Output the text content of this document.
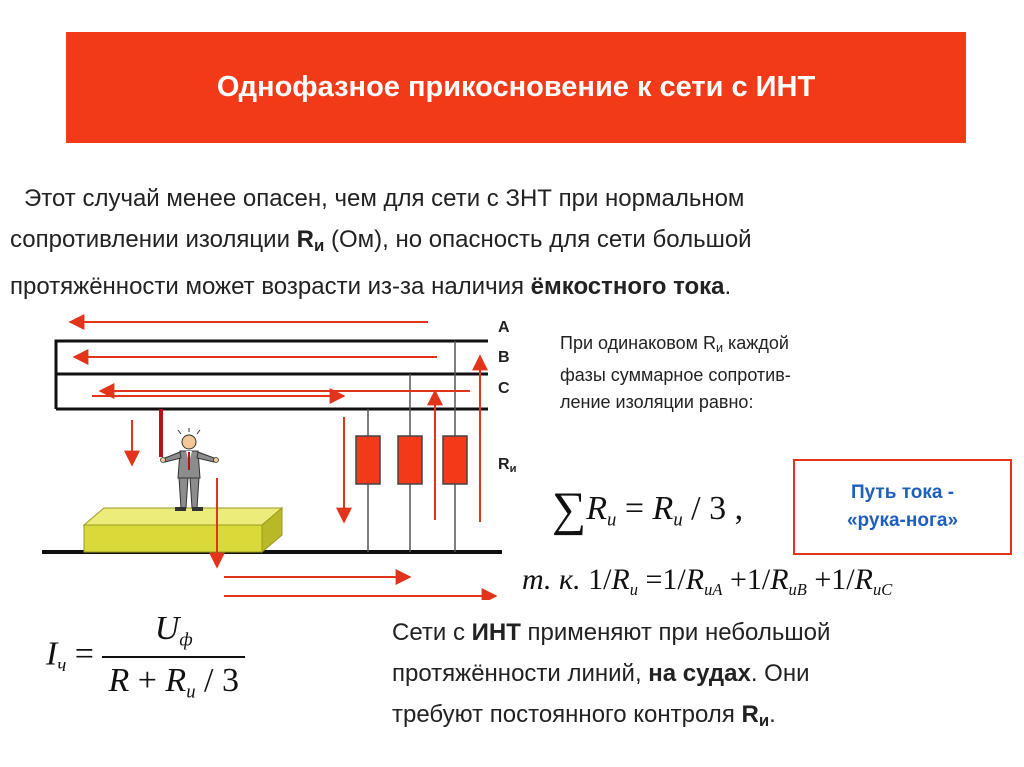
Однофазное прикосновение к сети с ИНТ

Этот случай менее опасен, чем для сети с ЗНТ при нормальном

сопротивлении изоляции $R_и$ (Ом), но опасность для сети большой

протяжённости может возрасти из-за наличия ёмкостного тока.

A
B
C
$R_и$

При одинаковом Rи каждой

фазы суммарное сопротив-

ление изоляции равно:

Путь тока -
«рука-нога»
$\sum R_и = R_и / 3$ ,
т. к. $1/R_и =1/R_{иA} +1/R_{иB} +1/R_{иC}$
$I_ч = \frac{U_ф}{R + R_и / 3}$	Сети с ИНТ применяют при небольшой

протяжённости линий, на судах. Они

требуют постоянного контроля $R_и$.
